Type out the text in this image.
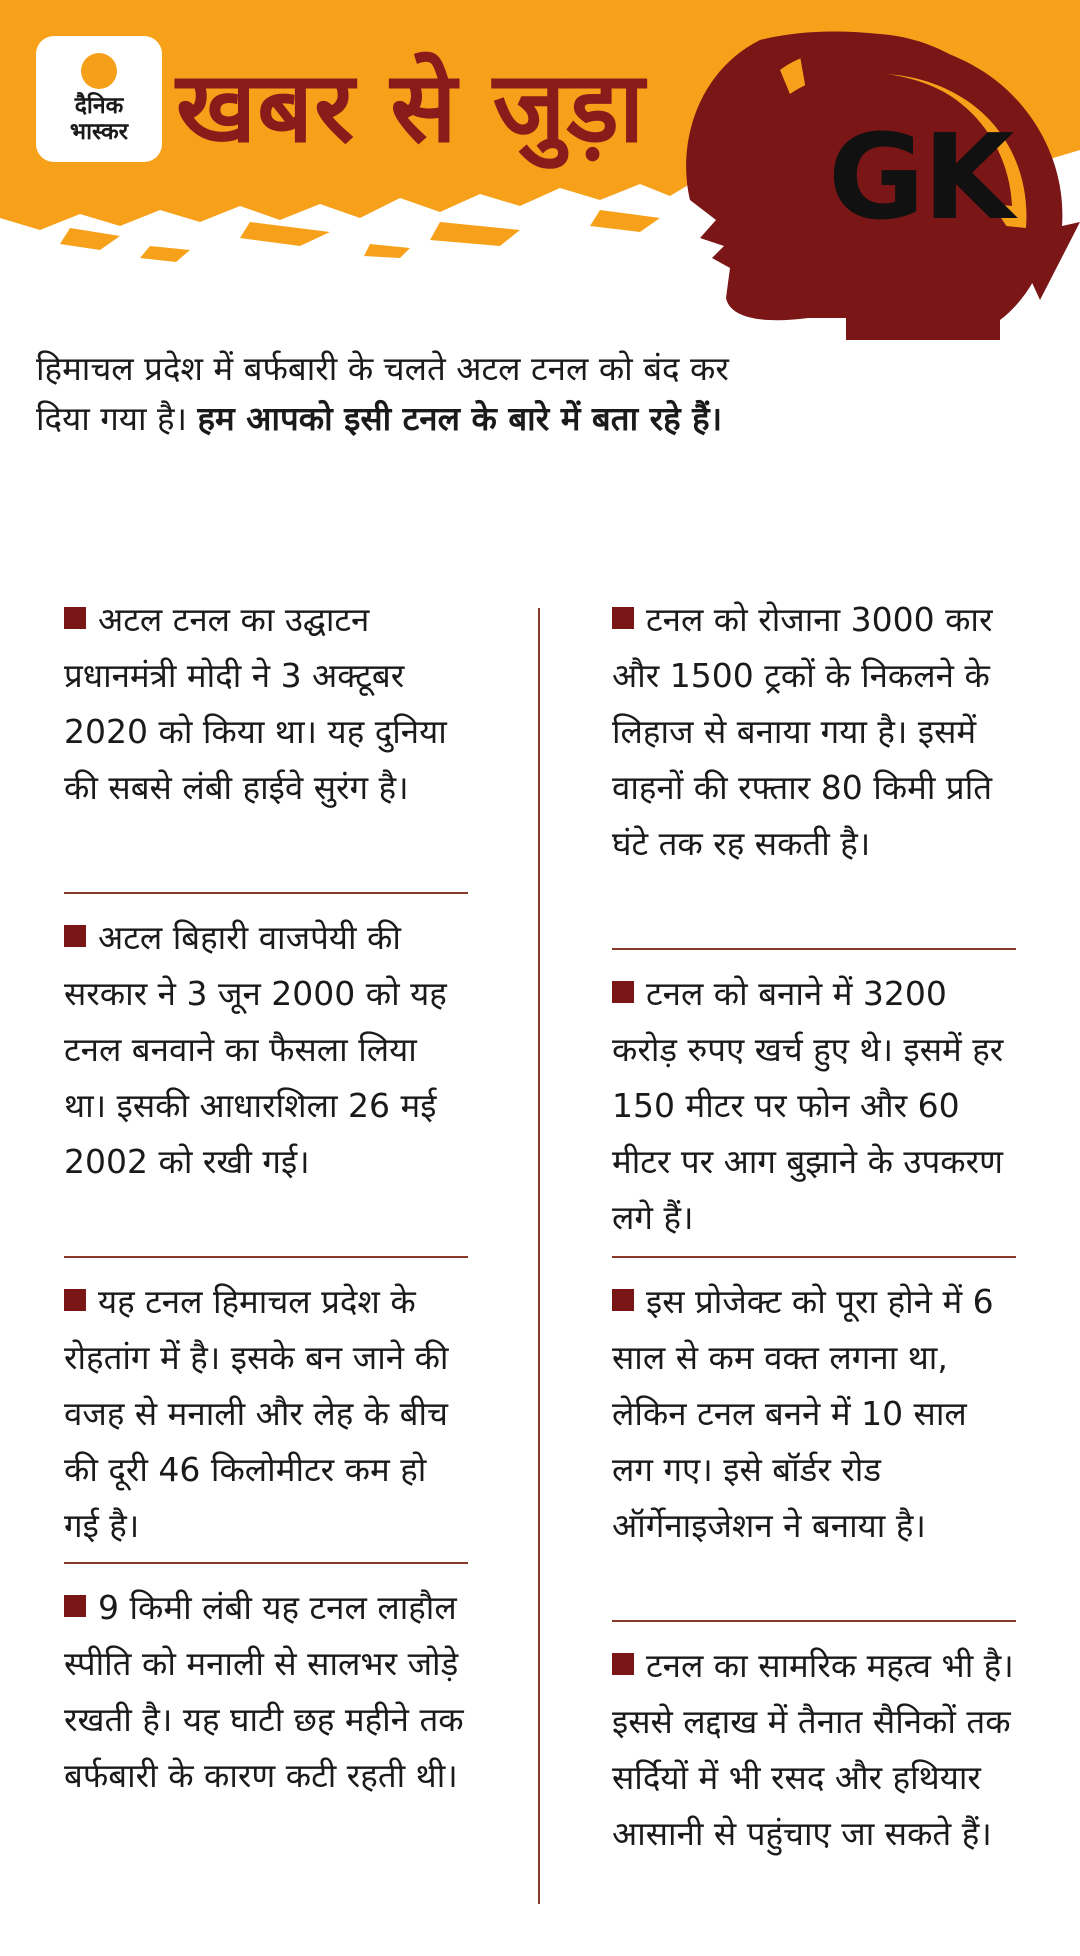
दैनिक
भास्कर खबर से जुड़ा GK
हिमाचल प्रदेश में बर्फबारी के चलते अटल टनल को बंद कर दिया गया है। हम आपको इसी टनल के बारे में बता रहे हैं।
अटल टनल का उद्घाटन प्रधानमंत्री मोदी ने 3 अक्टूबर 2020 को किया था। यह दुनिया की सबसे लंबी हाईवे सुरंग है।
अटल बिहारी वाजपेयी की सरकार ने 3 जून 2000 को यह टनल बनवाने का फैसला लिया था। इसकी आधारशिला 26 मई 2002 को रखी गई।
यह टनल हिमाचल प्रदेश के रोहतांग में है। इसके बन जाने की वजह से मनाली और लेह के बीच की दूरी 46 किलोमीटर कम हो गई है।
9 किमी लंबी यह टनल लाहौल स्पीति को मनाली से सालभर जोड़े रखती है। यह घाटी छह महीने तक बर्फबारी के कारण कटी रहती थी।
टनल को रोजाना 3000 कार और 1500 ट्रकों के निकलने के लिहाज से बनाया गया है। इसमें वाहनों की रफ्तार 80 किमी प्रति घंटे तक रह सकती है।
टनल को बनाने में 3200 करोड़ रुपए खर्च हुए थे। इसमें हर 150 मीटर पर फोन और 60 मीटर पर आग बुझाने के उपकरण लगे हैं।
इस प्रोजेक्ट को पूरा होने में 6 साल से कम वक्त लगना था, लेकिन टनल बनने में 10 साल लग गए। इसे बॉर्डर रोड ऑर्गेनाइजेशन ने बनाया है।
टनल का सामरिक महत्व भी है। इससे लद्दाख में तैनात सैनिकों तक सर्दियों में भी रसद और हथियार आसानी से पहुंचाए जा सकते हैं।
